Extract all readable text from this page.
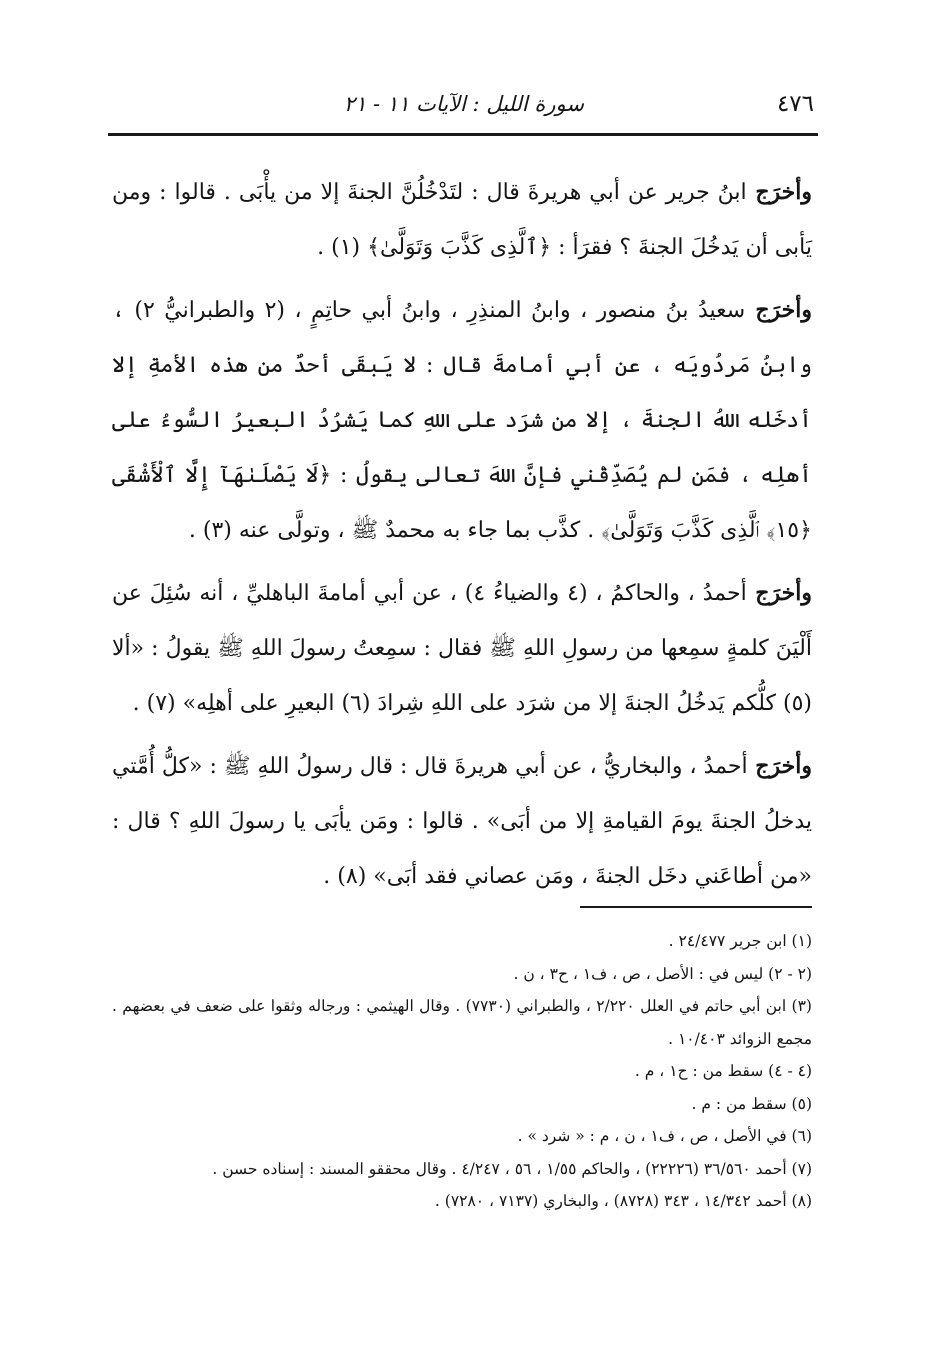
٤٧٦
سورة الليل : الآيات ١١ - ٢١

وأخرَجابنُ جرير عن أبي هريرةَ قال : لتَدْخُلُنَّ الجنةَ إلا من يأْبَى . قالوا : ومن يَأبى أن يَدخُلَ الجنةَ ؟ فقرَأ : ﴿ٱلَّذِى كَذَّبَ وَتَوَلَّىٰ﴾ (١) .

وأخرَجسعيدُ بنُ منصور ، وابنُ المنذِرِ ، وابنُ أبي حاتِمٍ ، (٢ والطبرانيُّ ٢) ، وابنُ مَردُويَه ، عن أبي أمامةَ قال : لا يَبقَى أحدٌ من هذه الأمةِ إلا أدخَله اللهُ الجنةَ ، إلا من شرَد على اللهِ كما يَشرُدُ البعيرُ السُّوءُ على أهلِه ، فمَن لم يُصَدِّقْني فإنَّ اللهَ تعالى يقولُ : ﴿لَا يَصْلَىٰهَآ إِلَّا ٱلْأَشْقَى ﴿١٥﴾ ٱلَّذِى كَذَّبَ وَتَوَلَّىٰ﴾ . كذَّب بما جاء به محمدٌ ﷺ ، وتولَّى عنه (٣) .

وأخرَجأحمدُ ، والحاكمُ ، (٤ والضياءُ ٤) ، عن أبي أمامةَ الباهليِّ ، أنه سُئِلَ عن أَلْيَنَ كلمةٍ سمِعها من رسولِ اللهِ ﷺ فقال : سمِعتُ رسولَ اللهِ ﷺ يقولُ : «ألا (٥) كلُّكم يَدخُلُ الجنةَ إلا من شرَد على اللهِ شِرادَ (٦) البعيرِ على أهلِه» (٧) .

وأخرَجأحمدُ ، والبخاريُّ ، عن أبي هريرةَ قال : قال رسولُ اللهِ ﷺ : «كلُّ أُمَّتي يدخلُ الجنةَ يومَ القيامةِ إلا من أبَى» . قالوا : ومَن يأبَى يا رسولَ اللهِ ؟ قال : «من أطاعَني دخَل الجنةَ ، ومَن عصاني فقد أبَى» (٨) .

(١) ابن جرير ٢٤/٤٧٧ .

(٢ - ٢) ليس في : الأصل ، ص ، ف١ ، ح٣ ، ن .

(٣) ابن أبي حاتم في العلل ٢/٢٢٠ ، والطبراني (٧٧٣٠) . وقال الهيثمي : ورجاله وثقوا على ضعف في بعضهم . مجمع الزوائد ١٠/٤٠٣ .

(٤ - ٤) سقط من : ح١ ، م .

(٥) سقط من : م .

(٦) في الأصل ، ص ، ف١ ، ن ، م : « شرد » .

(٧) أحمد ٣٦/٥٦٠ (٢٢٢٢٦) ، والحاكم ١/٥٥ ، ٥٦ ، ٤/٢٤٧ . وقال محققو المسند : إسناده حسن .

(٨) أحمد ١٤/٣٤٢ ، ٣٤٣ (٨٧٢٨) ، والبخاري (٧١٣٧ ، ٧٢٨٠) .
